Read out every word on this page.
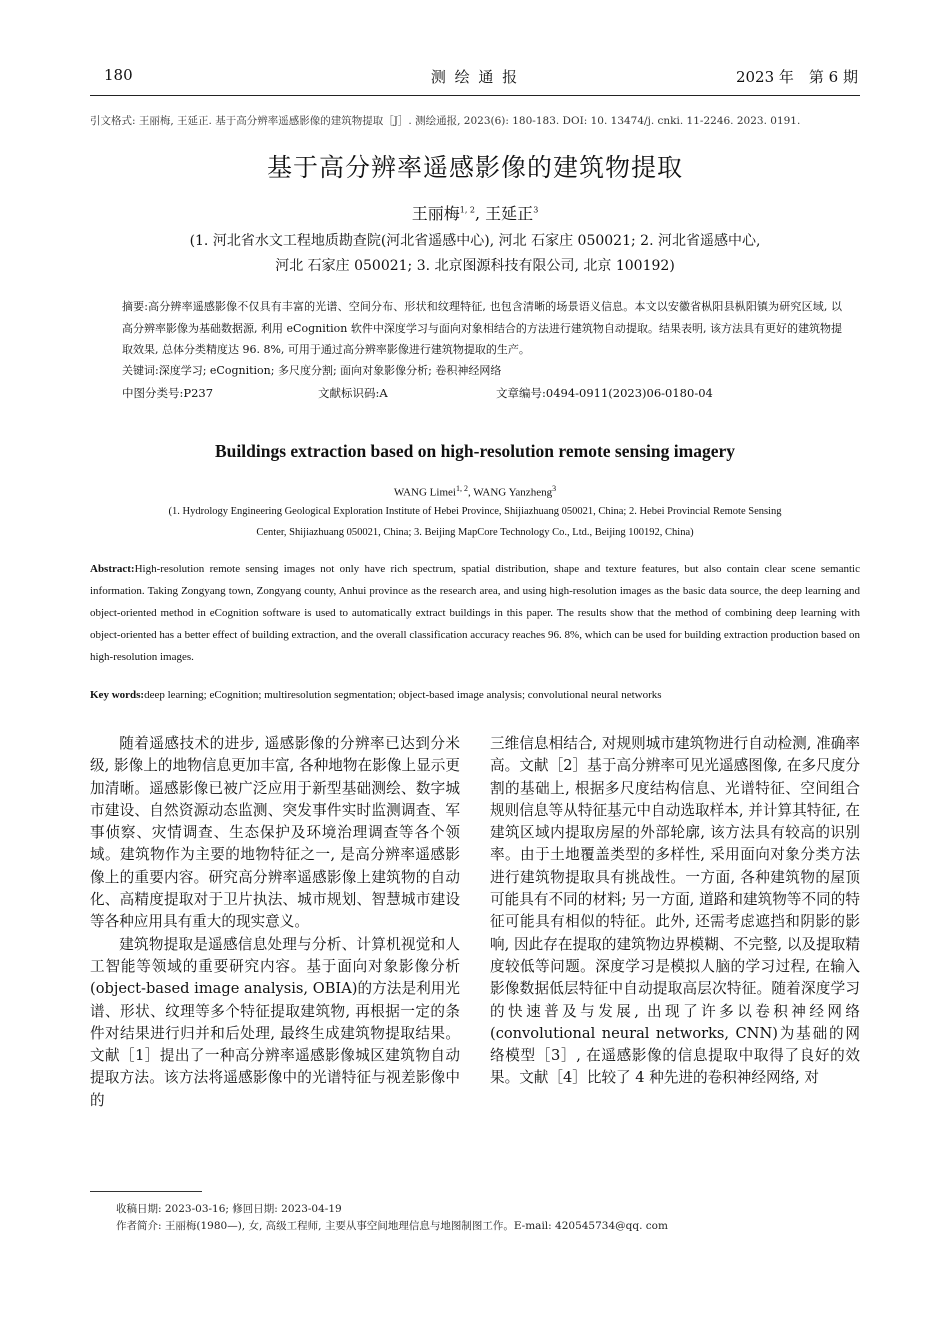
180	测 绘 通 报	2023 年　第 6 期
引文格式: 王丽梅, 王延正. 基于高分辨率遥感影像的建筑物提取［J］. 测绘通报, 2023(6): 180-183. DOI: 10. 13474/j. cnki. 11-2246. 2023. 0191.
基于高分辨率遥感影像的建筑物提取
王丽梅$^{1, 2}$, 王延正$^3$
(1. 河北省水文工程地质勘查院(河北省遥感中心), 河北 石家庄 050021; 2. 河北省遥感中心,
河北 石家庄 050021; 3. 北京图源科技有限公司, 北京 100192)
摘要:高分辨率遥感影像不仅具有丰富的光谱、空间分布、形状和纹理特征, 也包含清晰的场景语义信息。本文以安徽省枞阳县枞阳镇为研究区域, 以高分辨率影像为基础数据源, 利用 eCognition 软件中深度学习与面向对象相结合的方法进行建筑物自动提取。结果表明, 该方法具有更好的建筑物提取效果, 总体分类精度达 96. 8%, 可用于通过高分辨率影像进行建筑物提取的生产。
关键词:深度学习; eCognition; 多尺度分割; 面向对象影像分析; 卷积神经网络
中图分类号:P237	文献标识码:A	文章编号:0494-0911(2023)06-0180-04
Buildings extraction based on high-resolution remote sensing imagery
WANG Limei$^{1, 2}$, WANG Yanzheng$^3$
(1. Hydrology Engineering Geological Exploration Institute of Hebei Province, Shijiazhuang 050021, China; 2. Hebei Provincial Remote Sensing
Center, Shijiazhuang 050021, China; 3. Beijing MapCore Technology Co., Ltd., Beijing 100192, China)
Abstract:High-resolution remote sensing images not only have rich spectrum, spatial distribution, shape and texture features, but also contain clear scene semantic information. Taking Zongyang town, Zongyang county, Anhui province as the research area, and using high-resolution images as the basic data source, the deep learning and object-oriented method in eCognition software is used to automatically extract buildings in this paper. The results show that the method of combining deep learning with object-oriented has a better effect of building extraction, and the overall classification accuracy reaches 96. 8%, which can be used for building extraction production based on high-resolution images.
Key words:deep learning; eCognition; multiresolution segmentation; object-based image analysis; convolutional neural networks

随着遥感技术的进步, 遥感影像的分辨率已达到分米级, 影像上的地物信息更加丰富, 各种地物在影像上显示更加清晰。遥感影像已被广泛应用于新型基础测绘、数字城市建设、自然资源动态监测、突发事件实时监测调查、军事侦察、灾情调查、生态保护及环境治理调查等各个领域。建筑物作为主要的地物特征之一, 是高分辨率遥感影像上的重要内容。研究高分辨率遥感影像上建筑物的自动化、高精度提取对于卫片执法、城市规划、智慧城市建设等各种应用具有重大的现实意义。

建筑物提取是遥感信息处理与分析、计算机视觉和人工智能等领域的重要研究内容。基于面向对象影像分析(object-based image analysis, OBIA)的方法是利用光谱、形状、纹理等多个特征提取建筑物, 再根据一定的条件对结果进行归并和后处理, 最终生成建筑物提取结果。文献［1］提出了一种高分辨率遥感影像城区建筑物自动提取方法。该方法将遥感影像中的光谱特征与视差影像中的

三维信息相结合, 对规则城市建筑物进行自动检测, 准确率高。文献［2］基于高分辨率可见光遥感图像, 在多尺度分割的基础上, 根据多尺度结构信息、光谱特征、空间组合规则信息等从特征基元中自动选取样本, 并计算其特征, 在建筑区域内提取房屋的外部轮廓, 该方法具有较高的识别率。由于土地覆盖类型的多样性, 采用面向对象分类方法进行建筑物提取具有挑战性。一方面, 各种建筑物的屋顶可能具有不同的材料; 另一方面, 道路和建筑物等不同的特征可能具有相似的特征。此外, 还需考虑遮挡和阴影的影响, 因此存在提取的建筑物边界模糊、不完整, 以及提取精度较低等问题。深度学习是模拟人脑的学习过程, 在输入影像数据低层特征中自动提取高层次特征。随着深度学习的快速普及与发展, 出现了许多以卷积神经网络(convolutional neural networks, CNN)为基础的网络模型［3］, 在遥感影像的信息提取中取得了良好的效果。文献［4］比较了 4 种先进的卷积神经网络, 对

收稿日期: 2023-03-16; 修回日期: 2023-04-19
作者简介: 王丽梅(1980—), 女, 高级工程师, 主要从事空间地理信息与地图制图工作。E-mail: 420545734@qq. com
